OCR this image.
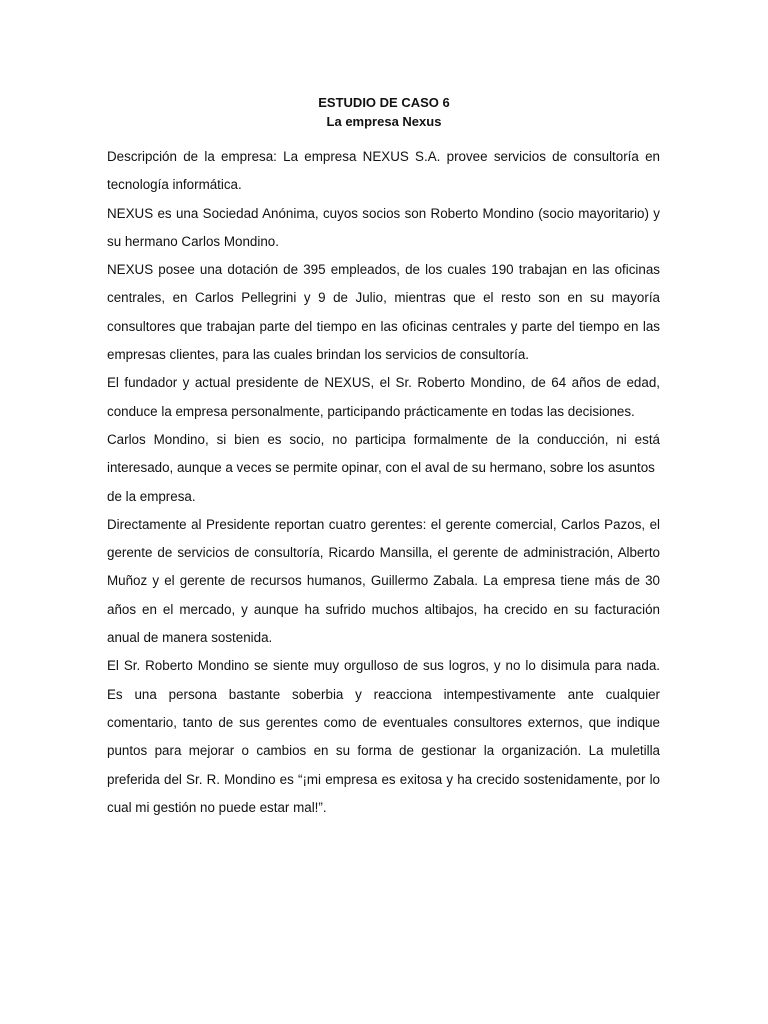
ESTUDIO DE CASO 6
La empresa Nexus

Descripción de la empresa: La empresa NEXUS S.A. provee servicios de consultoría en tecnología informática.

NEXUS es una Sociedad Anónima, cuyos socios son Roberto Mondino (socio mayoritario) y su hermano Carlos Mondino.

NEXUS posee una dotación de 395 empleados, de los cuales 190 trabajan en las oficinas centrales, en Carlos Pellegrini y 9 de Julio, mientras que el resto son en su mayoría consultores que trabajan parte del tiempo en las oficinas centrales y parte del tiempo en las empresas clientes, para las cuales brindan los servicios de consultoría.

El fundador y actual presidente de NEXUS, el Sr. Roberto Mondino, de 64 años de edad, conduce la empresa personalmente, participando prácticamente en todas las decisiones.

Carlos Mondino, si bien es socio, no participa formalmente de la conducción, ni está interesado, aunque a veces se permite opinar, con el aval de su hermano, sobre los asuntos

de la empresa.

Directamente al Presidente reportan cuatro gerentes: el gerente comercial, Carlos Pazos, el gerente de servicios de consultoría, Ricardo Mansilla, el gerente de administración, Alberto Muñoz y el gerente de recursos humanos, Guillermo Zabala. La empresa tiene más de 30 años en el mercado, y aunque ha sufrido muchos altibajos, ha crecido en su facturación anual de manera sostenida.

El Sr. Roberto Mondino se siente muy orgulloso de sus logros, y no lo disimula para nada. Es una persona bastante soberbia y reacciona intempestivamente ante cualquier comentario, tanto de sus gerentes como de eventuales consultores externos, que indique puntos para mejorar o cambios en su forma de gestionar la organización. La muletilla preferida del Sr. R. Mondino es “¡mi empresa es exitosa y ha crecido sostenidamente, por lo cual mi gestión no puede estar mal!”.
